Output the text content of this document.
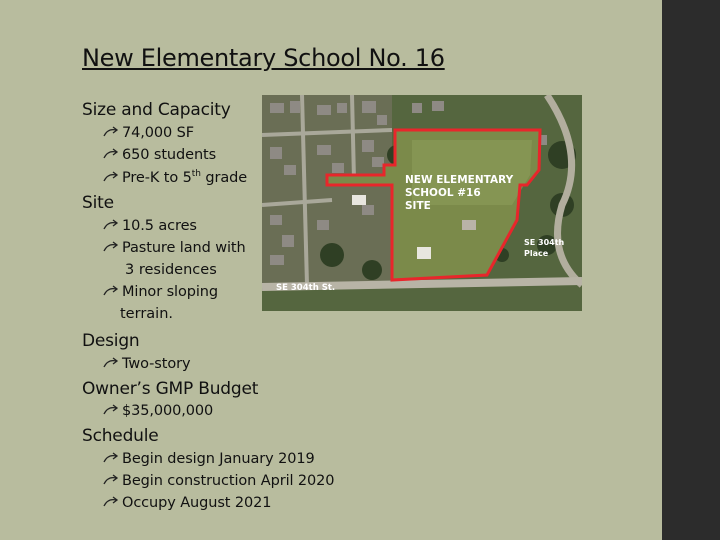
New Elementary School No. 16
Size and Capacity
74,000 SF
650 students
Pre-K to 5th grade
Site
10.5 acres
Pasture land with
3 residences
Minor sloping
terrain.
Design
Two-story
Owner’s GMP Budget
$35,000,000
Schedule
Begin design January 2019
Begin construction April 2020
Occupy August 2021
NEW ELEMENTARY
SCHOOL #16
SITE
SE 304th St.
SE 304th
Place
